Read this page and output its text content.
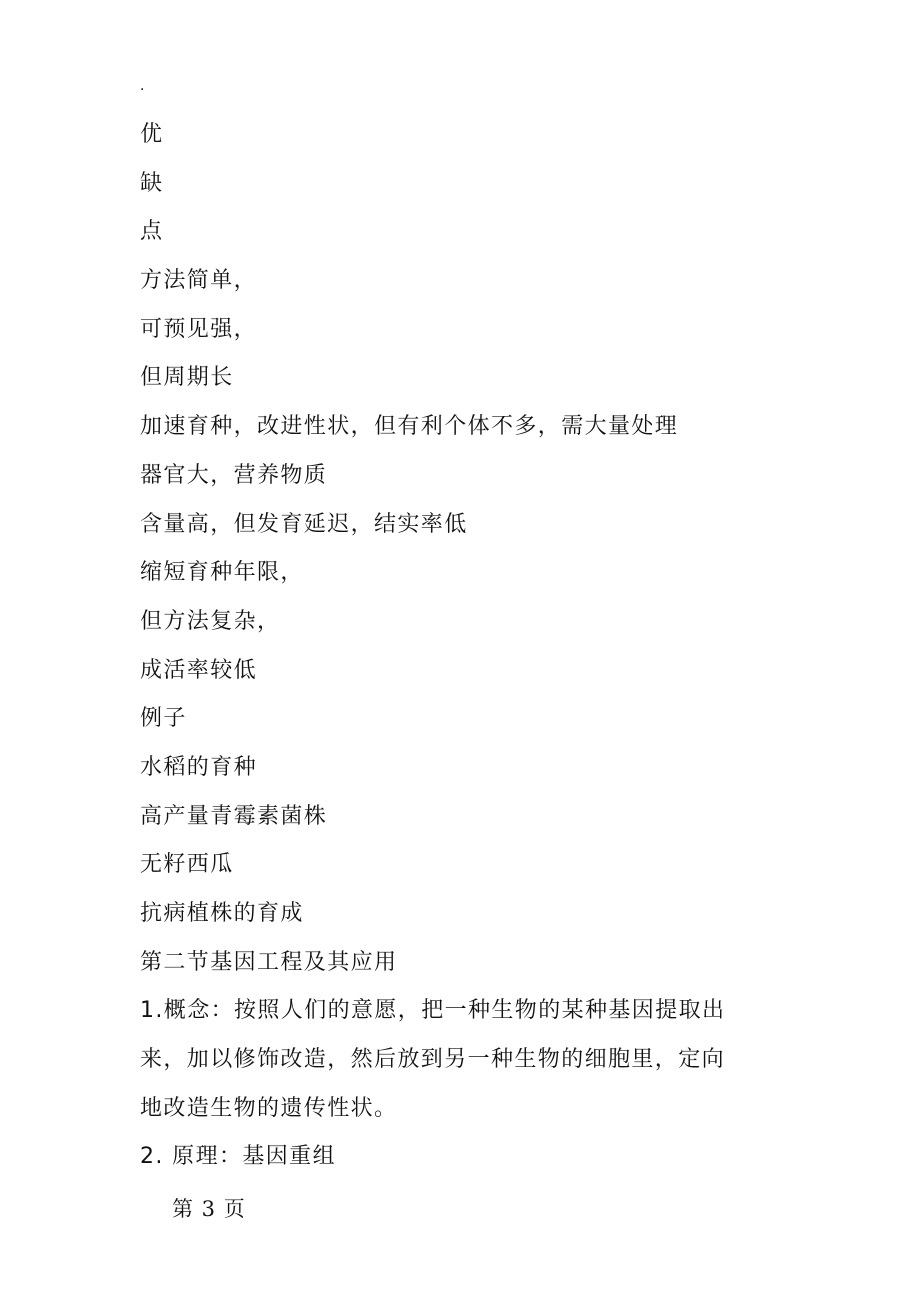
.
优
缺
点
方法简单，
可预见强，
但周期长
加速育种，改进性状，但有利个体不多，需大量处理
器官大，营养物质
含量高，但发育延迟，结实率低
缩短育种年限，
但方法复杂，
成活率较低
例子
水稻的育种
高产量青霉素菌株
无籽西瓜
抗病植株的育成
第二节基因工程及其应用
1.概念：按照人们的意愿，把一种生物的某种基因提取出
来，加以修饰改造，然后放到另一种生物的细胞里，定向
地改造生物的遗传性状。
2. 原理：基因重组
第 3 页
